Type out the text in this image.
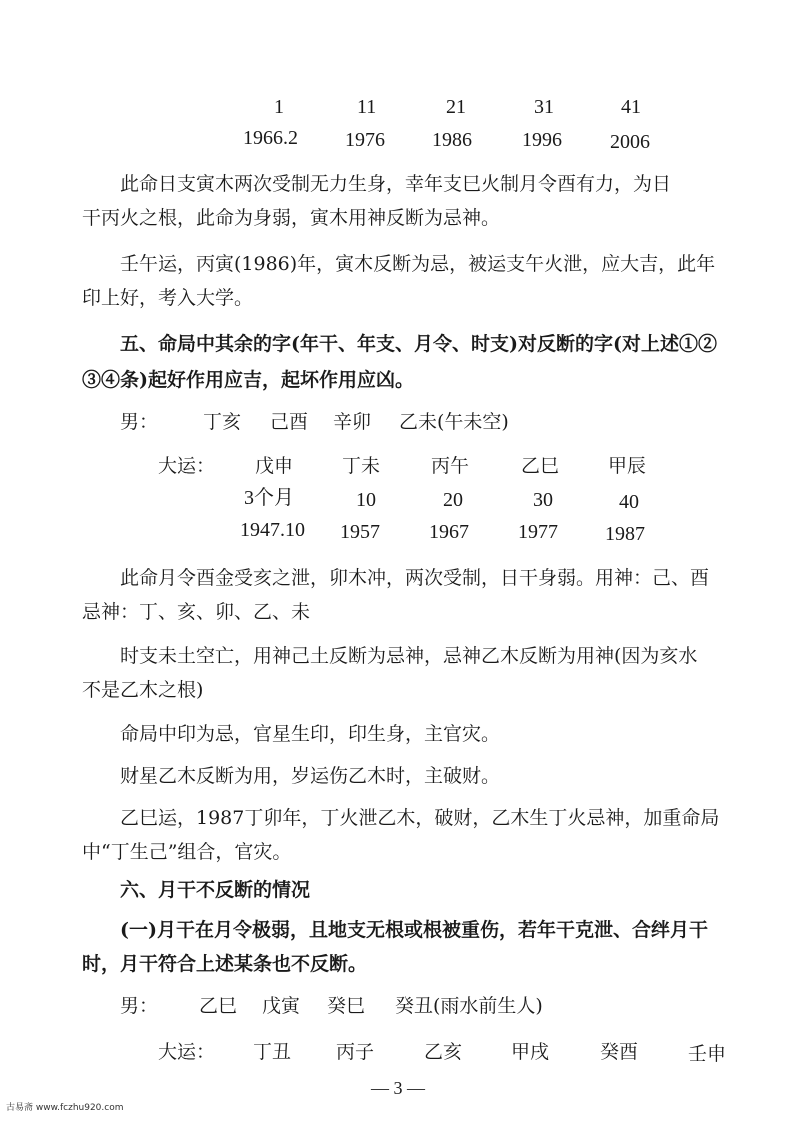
1	11	21	31	41
1966.2 1976 1986	1996 2006
此命日支寅木两次受制无力生身，幸年支巳火制月令酉有力，为日
干丙火之根，此命为身弱，寅木用神反断为忌神。
壬午运，丙寅(1986)年，寅木反断为忌，被运支午火泄，应大吉，此年
印上好，考入大学。
五、命局中其余的字(年干、年支、月令、时支)对反断的字(对上述①②
③④条)起好作用应吉，起坏作用应凶。
男： 丁亥 己酉 辛卯 乙未(午未空)
大运： 戊申	丁未	丙午	乙巳	甲辰
3个月	10	20	30	40
1947.10 1957 1967 1977 1987
此命月令酉金受亥之泄，卯木冲，两次受制，日干身弱。用神：己、酉
忌神：丁、亥、卯、乙、未
时支未土空亡，用神己土反断为忌神，忌神乙木反断为用神(因为亥水
不是乙木之根)
命局中印为忌，官星生印，印生身，主官灾。
财星乙木反断为用，岁运伤乙木时，主破财。
乙巳运，1987丁卯年，丁火泄乙木，破财，乙木生丁火忌神，加重命局
中“丁生己”组合，官灾。
六、月干不反断的情况
(一)月干在月令极弱，且地支无根或根被重伤，若年干克泄、合绊月干
时，月干符合上述某条也不反断。
男： 乙巳 戊寅 癸巳 癸丑(雨水前生人)
大运： 丁丑 丙子	乙亥	甲戌	癸酉	壬申
— 3 —
古易斋 www.fczhu920.com
